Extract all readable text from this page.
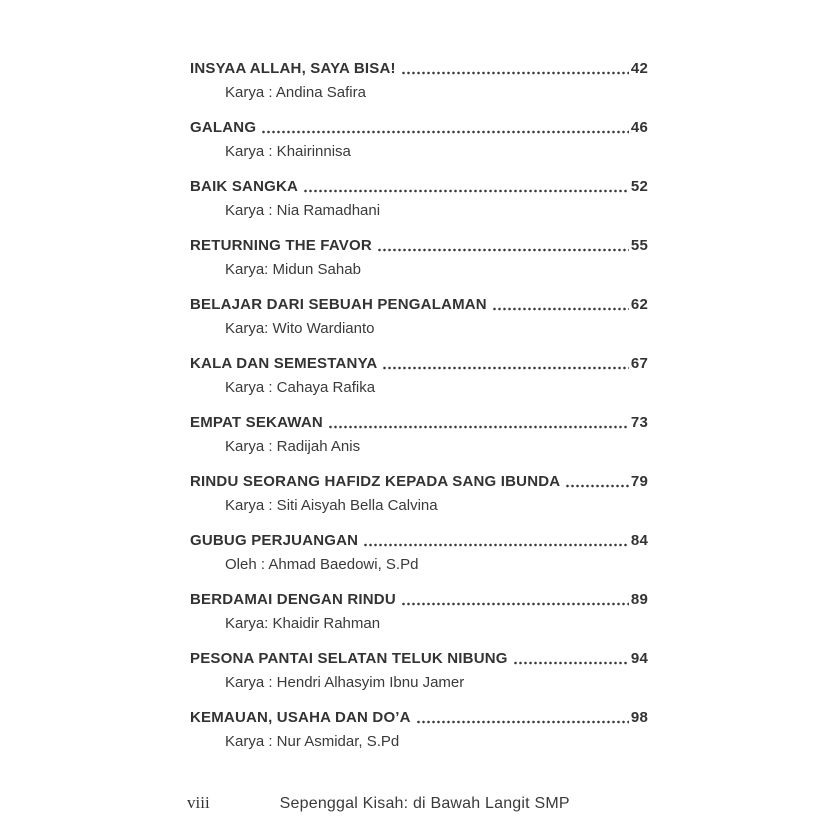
INSYAA ALLAH, SAYA BISA!	42
Karya : Andina Safira
GALANG	46
Karya : Khairinnisa
BAIK SANGKA	52
Karya : Nia Ramadhani
RETURNING THE FAVOR	55
Karya: Midun Sahab
BELAJAR DARI SEBUAH PENGALAMAN	62
Karya: Wito Wardianto
KALA DAN SEMESTANYA	67
Karya : Cahaya Rafika
EMPAT SEKAWAN	73
Karya : Radijah Anis
RINDU SEORANG HAFIDZ KEPADA SANG IBUNDA	79
Karya : Siti Aisyah Bella Calvina
GUBUG PERJUANGAN	84
Oleh : Ahmad Baedowi, S.Pd
BERDAMAI DENGAN RINDU	89
Karya: Khaidir Rahman
PESONA PANTAI SELATAN TELUK NIBUNG	94
Karya : Hendri Alhasyim Ibnu Jamer
KEMAUAN, USAHA DAN DO’A	98
Karya : Nur Asmidar, S.Pd
viii	Sepenggal Kisah: di Bawah Langit SMP
